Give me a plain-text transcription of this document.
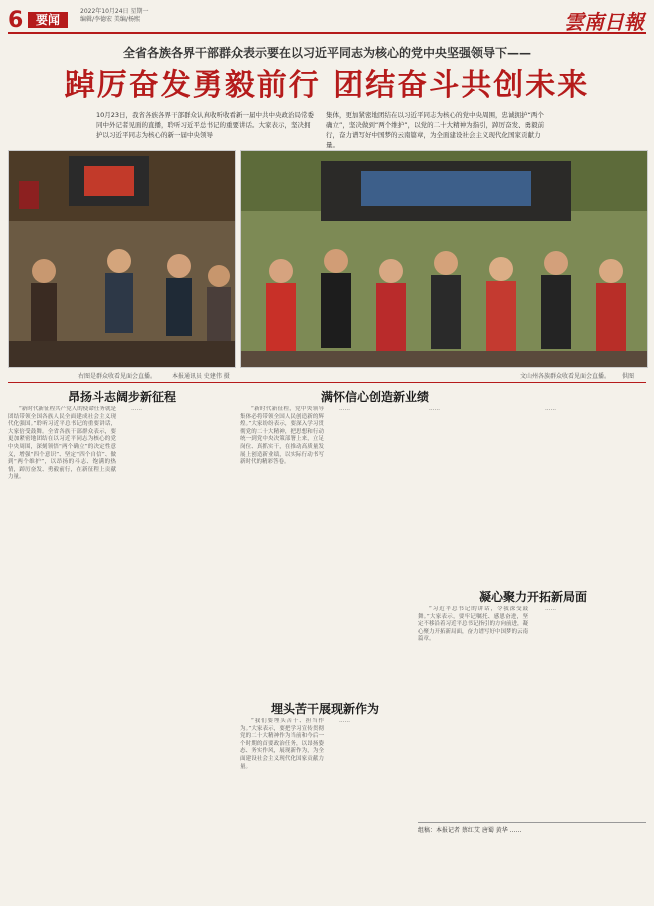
6	要闻
2022年10月24日 星期一
编辑/李德宏 美编/杨熙	雲南日報
全省各族各界干部群众表示要在以习近平同志为核心的党中央坚强领导下——
踔厉奋发勇毅前行 团结奋斗共创未来
10月23日，我省各族各界干部群众认真收听收看新一届中共中央政治局常委同中外记者见面的直播，聆听习近平总书记的重要讲话。大家表示，坚决拥护以习近平同志为核心的新一届中央领导
集体，更加紧密地团结在以习近平同志为核心的党中央周围，忠诚拥护“两个确立”，坚决做到“两个维护”，以党的二十大精神为指引，踔厉奋发、勇毅前行，奋力谱写好中国梦的云南篇章，为全面建设社会主义现代化国家贡献力量。
右图是群众收看见面会直播。	本报通讯员 史建伟 摄	文山州各族群众收看见面会直播。 供图
昂扬斗志阔步新征程	满怀信心创造新业绩
凝心聚力开拓新局面
埋头苦干展现新作为

“新时代新征程共产党人的使命任务就是团结带领全国各族人民全面建成社会主义现代化强国。”聆听习近平总书记的重要讲话，大家倍受鼓舞。全省各族干部群众表示，要更加紧密地团结在以习近平同志为核心的党中央周围，深刻领悟“两个确立”的决定性意义，增强“四个意识”、坚定“四个自信”、做到“两个维护”，以昂扬的斗志、饱满的热情，踔厉奋发、勇毅前行，在新征程上贡献力量。

……	“新时代新征程，党中央领导集体必将带领全国人民创造新的辉煌。”大家纷纷表示，要深入学习贯彻党的二十大精神，把思想和行动统一到党中央决策部署上来，立足岗位、真抓实干，在推动高质量发展上创造新业绩，以实际行动书写新时代的精彩答卷。

……	……	……

“习近平总书记的讲话，令我深受鼓舞。”大家表示，要牢记嘱托、感恩奋进，坚定不移沿着习近平总书记指引的方向前进，凝心聚力开拓新局面，奋力谱写好中国梦的云南篇章。

……

“我们要埋头苦干、担当作为。”大家表示，要把学习宣传贯彻党的二十大精神作为当前和今后一个时期的首要政治任务，以昂扬姿态、务实作风，展现新作为，为全面建设社会主义现代化国家贡献力量。

……

组稿：本报记者 蔡红艾 唐蜀 黄华 ……
